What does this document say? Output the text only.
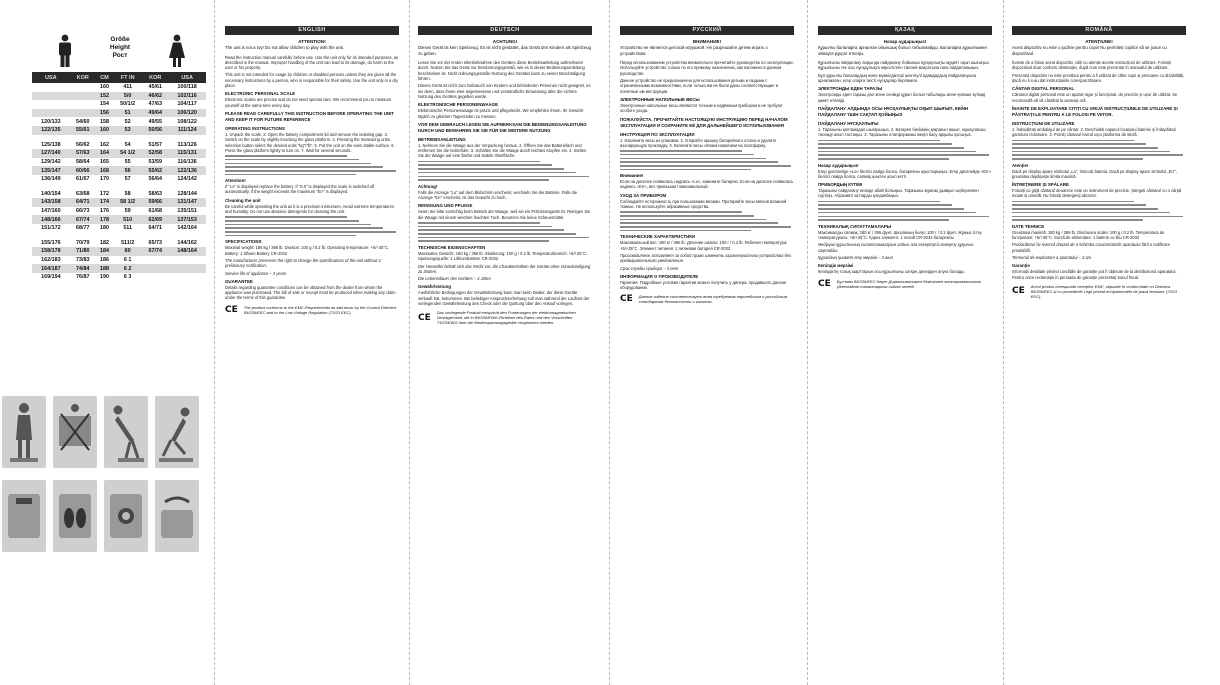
Größe
Height
Рост
USA	KOR	CM	FT IN	KOR	USA
		160	411	45/61	100/118
		152	5/0	46/62	102/116
		154	50/1/2	47/63	104/117
		156	51	49/64	106/120
120/133	54/60	158	52	49/55	108/122
122/135	55/61	160	53	50/56	111/124

125/138	56/62	162	54	51/57	113/126
127/140	57/63	164	54 1/2	52/58	115/131
129/142	58/64	165	55	53/59	116/136
135/147	60/66	168	56	55/62	122/136
136/149	61/67	170	57	56/64	124/142

140/154	63/68	172	58	58/63	128/144
143/158	64/71	174	58 1/2	59/66	131/147
147/160	66/73	176	59	61/68	135/151
148/166	67/74	178	510	62/69	137/153
151/172	68/77	180	511	64/71	142/164

155/176	70/79	182	511/2	65/73	144/162
158/178	71/80	184	60	67/74	148/164
162/183	73/83	186	6 1		
164/187	74/84	188	6 2		
169/194	76/87	190	6 3		
ENGLISH
ATTENTION!
The unit is not a toy! Do not allow children to play with the unit.
Read the instruction manual carefully before use. Use the unit only for its intended purposes, as described in the manual. Improper handling of the unit can lead to its damage, do harm to the user or his property.
This unit is not intended for usage by children or disabled persons unless they are given all the necessary instructions by a person, who is responsible for their safety. Use the unit only in a dry place.
ELECTRONIC PERSONAL SCALE
Electronic scales are precise and do not need special care. We recommend you to measure yourself at the same time every day.
PLEASE READ CAREFULLY THIS INSTRUCTION BEFORE OPERATING THE UNIT AND KEEP IT FOR FUTURE REFERENCE
OPERATING INSTRUCTIONS
1. Unpack the scale. 2. Open the battery compartment lid and remove the isolating gap. 3. Switch on the scale by slightly knocking the glass platform. 4. Pressing the measuring units, selection button select the desired units "kg"/"lb". 5. Put the unit on the even stable surface. 6. Press the glass platform lightly to turn on. 7. Wait for several seconds.
Attention!
If "Lo" is displayed replace the battery. If "0.0" is displayed the scale is switched off automatically. If the weight exceeds the maximum "Err" is displayed.
Cleaning the unit
Be careful while operating the unit as it is a precision instrument. Avoid extreme temperatures and humidity. Do not use abrasive detergents for cleaning the unit.
SPECIFICATIONS
Maximal weight: 180 kg / 396 lb. Division: 100 g / 0.2 lb. Operating temperature: +5/+35°C. Battery: 1 lithium Battery CR-2032
The manufacturer preserves the right to change the specifications of the unit without a preliminary notification.
Service life of appliance – 3 years
GUARANTEE
Details regarding guarantee conditions can be obtained from the dealer from whom the appliance was purchased. The bill of sale or receipt must be produced when making any claim under the terms of this guarantee.
CE The product conforms to the EMC-Requirements as laid down by the Council Directive 89/336/EEC and to the Low Voltage Regulation (73/23 EEC)
DEUTSCH
ACHTUNG!
Dieses Gerät ist kein Spielzeug. Es ist nicht gestattet, das Gerät den Kindern als Spielzeug zu geben.
Lesen Sie vor der ersten Inbetriebnahme des Gerätes diese Betriebsanleitung aufmerksam durch. Nutzen Sie das Gerät nur bestimmungsgemäß, wie es in dieser Bedienungsanleitung beschrieben ist. Nicht ordnungsgemäße Nutzung des Gerätes kann zu seiner Beschädigung führen.
Dieses Gerät ist nicht zum Gebrauch von Kindern und behinderten Personen nicht geeignet, es sei denn, dass ihnen eine angemessene und verständliche Einweisung über die sichere Nutzung des Gerätes gegeben wurde.
ELEKTRONISCHE PERSONENWAAGE
Elektronische Personenwaage ist präzis und pflegeleicht. Wir empfehlen Ihnen, Ihr Gewicht täglich zu gleichen Tageszeiten zu messen.
VOR DEM GEBRAUCH LESEN SIE AUFMERKSAM DIE BEDIENUNGSANLEITUNG DURCH UND BEWAHREN SIE SIE FÜR DIE WEITERE NUTZUNG
BETRIEBSANLEITUNG
1. Nehmen Sie die Waage aus der Verpackung heraus. 2. Öffnen Sie das Batteriefach und entfernen Sie die Isolierfolie. 3. Schalten Sie die Waage durch leichtes Klopfen ein. 4. Stellen Sie die Waage auf eine flache und stabile Oberfläche.
Achtung!
Falls die Anzeige "Lo" auf dem Bildschirm erscheint, wechseln Sie die Batterie. Falls die Anzeige "Err" erscheint, ist das Gewicht zu hoch.
REINIGUNG UND PFLEGE
Seien Sie bitte vorsichtig beim Betrieb der Waage, weil sie ein Präzisionsgerät ist. Reinigen Sie die Waage mit einem weichen feuchten Tuch. Benutzen Sie keine Scheuermittel.
TECHNISCHE EIGENSCHAFTEN
Maximales Gewicht: 180 kg / 396 lb. Skalierung: 100 g / 0.2 lb. Temperaturbereich: +5/+35°C. Speisungsquelle: 1 Lithiumbatterie CR-2032
Der Hersteller behält sich das Recht vor, die Charakteristiken der Geräte ohne Vorankündigung zu ändern.
Die Lebensdauer des Gerätes – 3 Jahre
Gewährleistung
Ausführliche Bedingungen der Gewährleistung kann man beim Dealer, der diese Geräte verkauft hat, bekommen. Bei beliebiger Anspruchserhebung soll man während der Laufzeit der vorliegenden Gewährleistung den Check oder die Quittung über den Ankauf vorlegen.
CE Das vorliegende Produkt entspricht den Forderungen der elektromagnetischen Verträglichkeit, die in 89/336/EWG-Richtlinie des Rates und den Vorschriften 73/23/EWG über die Niederspannungsgeräte vorgesehen werden.
РУССКИЙ
ВНИМАНИЕ!
Устройство не является детской игрушкой. Не разрешайте детям играть с устройством.
Перед использованием устройства внимательно прочитайте руководство по эксплуатации. Используйте устройство только по его прямому назначению, как изложено в данном руководстве.
Данное устройство не предназначено для использования детьми и людьми с ограниченными возможностями, если только им не были даны соответствующие и понятные им инструкции.
ЭЛЕКТРОННЫЕ НАПОЛЬНЫЕ ВЕСЫ
Электронные напольные весы являются точным и надёжным прибором и не требуют особого ухода.
ПОЖАЛУЙСТА, ПРОЧИТАЙТЕ НАСТОЯЩУЮ ИНСТРУКЦИЮ ПЕРЕД НАЧАЛОМ ЭКСПЛУАТАЦИИ И СОХРАНИТЕ ЕЁ ДЛЯ ДАЛЬНЕЙШЕГО ИСПОЛЬЗОВАНИЯ
ИНСТРУКЦИЯ ПО ЭКСПЛУАТАЦИИ
1. Извлеките весы из упаковки. 2. Откройте крышку батарейного отсека и удалите изолирующую прокладку. 3. Включите весы лёгким нажатием на платформу.
Внимание!
Если на дисплее появилась надпись «Lo», замените батарею. Если на дисплее появилась надпись «Err», вес превышает максимальный.
УХОД ЗА ПРИБОРОМ
Соблюдайте осторожность при пользовании весами. Протирайте весы мягкой влажной тканью. Не используйте абразивные средства.
ТЕХНИЧЕСКИЕ ХАРАКТЕРИСТИКИ
Максимальный вес: 180 кг / 396 lb. Деление шкалы: 100 г / 0,2 lb. Рабочая температура: +5/+35°C. Элемент питания: 1 литиевая батарея CR-2032
Производитель оставляет за собой право изменять характеристики устройства без предварительного уведомления.
Срок службы прибора – 3 лет
ИНФОРМАЦИЯ О ПРОИЗВОДИТЕЛЕ
Гарантия. Подробные условия гарантии можно получить у дилера, продавшего данное оборудование.
CE Данное изделие соответствует всем требуемым европейским и российским стандартам безопасности и гигиены.
ҚАЗАҚ
Назар аударыңыз!
Құрылғы балаларға арналған ойыншық болып табылмайды. Балаларға құрылғымен ойнауға рұқсат етпеңіз.
Құрылғыны пайдалану алдында пайдалану бойынша нұсқаулықты мұқият оқып шығыңыз. Құрылғыны тек осы нұсқаулықта көрсетілген тікелей мақсатына ғана пайдаланыңыз.
Бұл құрылғы балалардың және мүмкіндіктері шектеулі адамдардың пайдалануына арналмаған, егер оларға тиісті нұсқаулар берілмесе.
ЭЛЕКТРОНДЫ ЕДЕН ТАРАЗЫ
Электронды еден таразы дәл және сенімді құрал болып табылады және ерекше күтімді қажет етпейді.
ПАЙДАЛАНУ АЛДЫНДА ОСЫ НҰСҚАУЛЫҚТЫ ОҚЫП ШЫҒЫП, КЕЙІН ПАЙДАЛАНУ ҮШІН САҚТАП ҚОЙЫҢЫЗ
ПАЙДАЛАНУ НҰСҚАУЛЫҒЫ
1. Таразыны қаптамадан шығарыңыз. 2. Батарея бөлімінің қақпағын ашып, оқшаулағыш төсемді алып тастаңыз. 3. Таразыны платформаны жеңіл басу арқылы қосыңыз.
Назар аударыңыз!
Егер дисплейде «Lo» белгісі пайда болса, батареяны ауыстырыңыз. Егер дисплейде «Err» белгісі пайда болса, салмақ шектен асып кетті.
ПРИБОРДЫҢ КҮТІМІ
Таразыны пайдалану кезінде абай болыңыз. Таразыны жұмсақ дымқыл шүберекпен сүртіңіз. Абразивті заттарды қолданбаңыз.
ТЕХНИКАЛЫҚ СИПАТТАМАЛАРЫ
Максималды салмақ: 180 кг / 396 фунт. Шкаланың бөлуі: 100 г / 0,2 фунт. Жұмыс істеу температурасы: +5/+35°C. Қорек элементі: 1 литий CR-2032 батареясы
Өндіруші құрылғының сипаттамаларын алдын ала ескертусіз өзгерту құқығын сақтайды.
Құралдың қызмет ету мерзімі – 3 жыл
Кепілдік мерзімі
Кепілдіктің толық шарттарын осы құрылғыны сатқан дилерден алуға болады.
CE Бұл өнім 89/336/ЕЕС Кеңес Директивасымен бекітілген электромагниттік үйлесімділік талаптарына сәйкес келеді.
ROMÂNĂ
ATENȚIUNE!
Acest dispozitiv nu este o jucărie pentru copii! Nu permiteți copiilor să se joace cu dispozitivul.
Înainte de a folosi acest dispozitiv, citiți cu atenție aceste instrucțiuni de utilizare. Folosiți dispozitivul doar conform destinației, după cum este prezentat în manualul de utilizare.
Prezentul dispozitiv nu este prevăzut pentru a fi utilizat de către copii și persoane cu dizabilități, dacă nu li s-au dat instrucțiunile corespunzătoare.
CÂNTAR DIGITAL PERSONAL
Cântarul digital personal este un aparat sigur și funcțional, de precizie și ușor de utilizat. Se recomandă să vă cântăriți la aceeași oră.
ÎNAINTE DE EXPLOATARE CITIȚI CU GRIJĂ INSTRUCȚIUNILE DE UTILIZARE ȘI PĂSTRAȚI-LE PENTRU A LE FOLOSI PE VIITOR.
INSTRUCȚIUNI DE UTILIZARE
1. Îndepărtați ambalajul de pe cântar. 2. Deschideți capacul locașului bateriei și îndepărtați garnitura izolatoare. 3. Porniți cântarul lovind ușor platforma de sticlă.
Atenție!
Dacă pe display apare simbolul „Lo”, înlocuiți bateria. Dacă pe display apare simbolul „Err”, greutatea depășește limita maximă.
ÎNTREȚINERE ȘI SPĂLARE
Folosiți cu grijă cântarul deoarece este un instrument de precizie. Ștergeți cântarul cu o cârpă moale și umedă. Nu folosiți detergenți abrazivi.
DATE TEHNICE
Greutatea maximă: 180 kg / 396 lb. Diviziunea scalei: 100 g / 0.2 lb. Temperatura de funcționare: +5/+35°C. Sursă de alimentare: 1 baterie cu litiu CR-2032
Producătorul își rezervă dreptul de a schimba caracteristicile aparatului fără o notificare prealabilă.
Termenul de exploatare a aparatului – 3 ani.
Garanție
Informații detaliate privind condițiile de garanție pot fi obținute de la distribuitorul aparatului. Pentru orice reclamație în perioada de garanție prezentați bonul fiscal.
CE Acest produs corespunde cerințelor EMC, stipulate în conformitate cu Directiva 89/336/EEC și cu prevederile Legii privind echipamentele de joasă tensiune (73/23 EEC).
